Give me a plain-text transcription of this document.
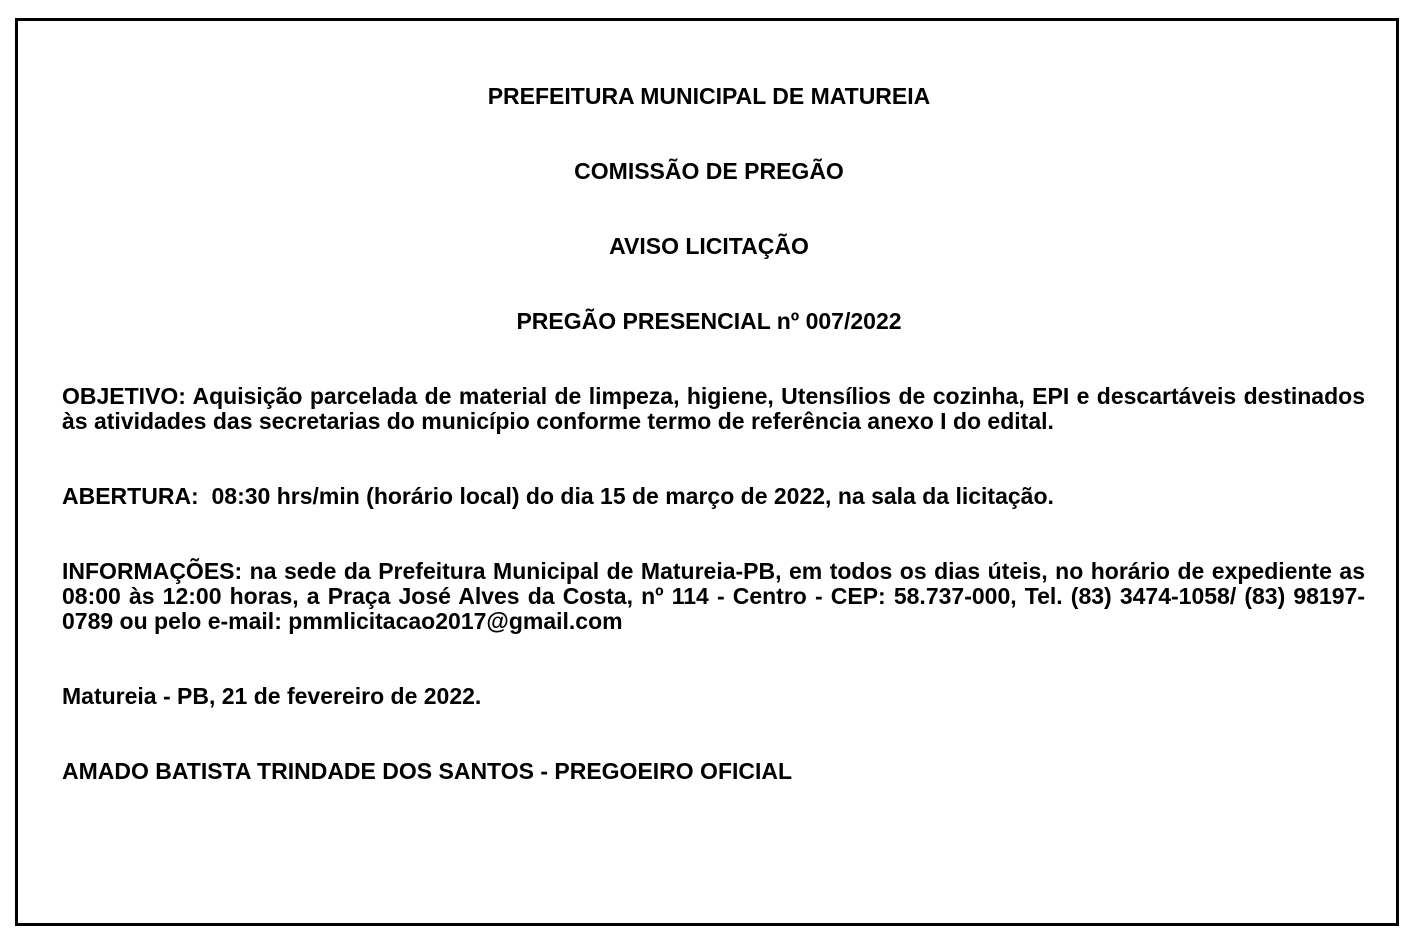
PREFEITURA MUNICIPAL DE MATUREIA

COMISSÃO DE PREGÃO

AVISO LICITAÇÃO

PREGÃO PRESENCIAL nº 007/2022

OBJETIVO: Aquisição parcelada de material de limpeza, higiene, Utensílios de cozinha, EPI e descartáveis destinados às atividades das secretarias do município conforme termo de referência anexo I do edital.

ABERTURA: 08:30 hrs/min (horário local) do dia 15 de março de 2022, na sala da licitação.

INFORMAÇÕES: na sede da Prefeitura Municipal de Matureia-PB, em todos os dias úteis, no horário de expediente as 08:00 às 12:00 horas, a Praça José Alves da Costa, nº 114 - Centro - CEP: 58.737-000, Tel. (83) 3474-1058/ (83) 98197-0789 ou pelo e-mail: pmmlicitacao2017@gmail.com

Matureia - PB, 21 de fevereiro de 2022.

AMADO BATISTA TRINDADE DOS SANTOS - PREGOEIRO OFICIAL
